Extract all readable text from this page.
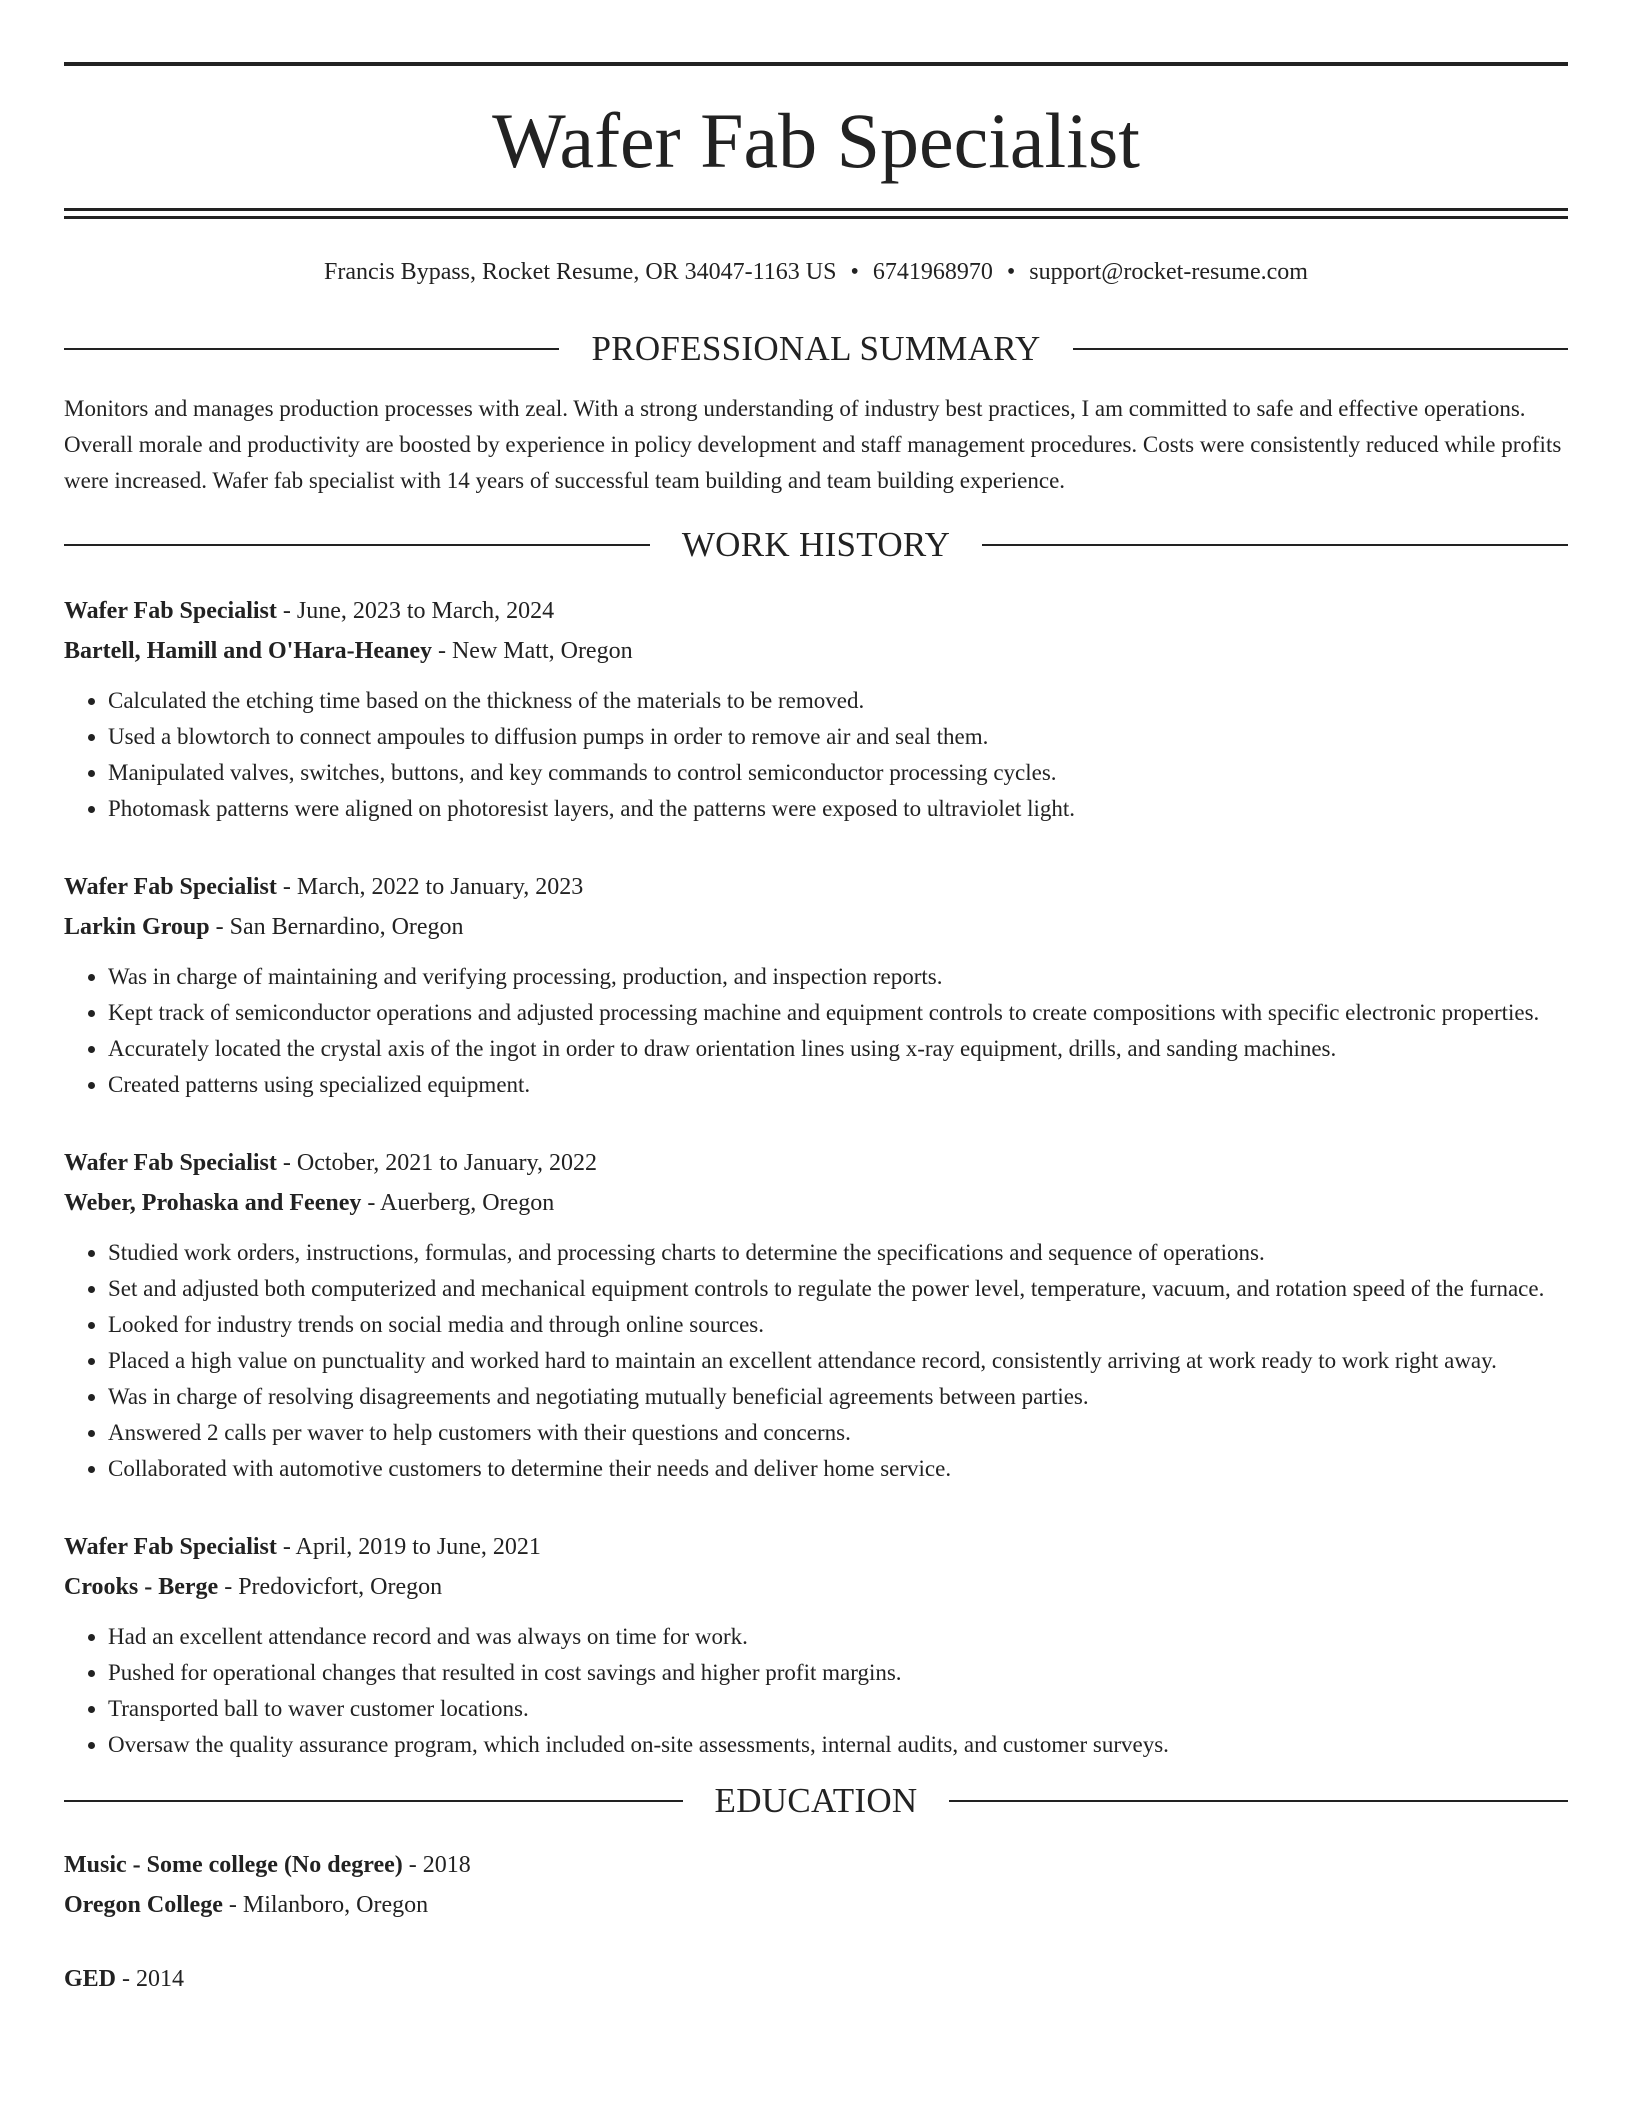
Wafer Fab Specialist
Francis Bypass, Rocket Resume, OR 34047-1163 US • 6741968970 • support@rocket-resume.com
PROFESSIONAL SUMMARY
Monitors and manages production processes with zeal. With a strong understanding of industry best practices, I am committed to safe and effective operations. Overall morale and productivity are boosted by experience in policy development and staff management procedures. Costs were consistently reduced while profits were increased. Wafer fab specialist with 14 years of successful team building and team building experience.
WORK HISTORY
Wafer Fab Specialist - June, 2023 to March, 2024
Bartell, Hamill and O'Hara-Heaney - New Matt, Oregon
• Calculated the etching time based on the thickness of the materials to be removed.
• Used a blowtorch to connect ampoules to diffusion pumps in order to remove air and seal them.
• Manipulated valves, switches, buttons, and key commands to control semiconductor processing cycles.
• Photomask patterns were aligned on photoresist layers, and the patterns were exposed to ultraviolet light.
Wafer Fab Specialist - March, 2022 to January, 2023
Larkin Group - San Bernardino, Oregon
• Was in charge of maintaining and verifying processing, production, and inspection reports.
• Kept track of semiconductor operations and adjusted processing machine and equipment controls to create compositions with specific electronic properties.
• Accurately located the crystal axis of the ingot in order to draw orientation lines using x-ray equipment, drills, and sanding machines.
• Created patterns using specialized equipment.
Wafer Fab Specialist - October, 2021 to January, 2022
Weber, Prohaska and Feeney - Auerberg, Oregon
• Studied work orders, instructions, formulas, and processing charts to determine the specifications and sequence of operations.
• Set and adjusted both computerized and mechanical equipment controls to regulate the power level, temperature, vacuum, and rotation speed of the furnace.
• Looked for industry trends on social media and through online sources.
• Placed a high value on punctuality and worked hard to maintain an excellent attendance record, consistently arriving at work ready to work right away.
• Was in charge of resolving disagreements and negotiating mutually beneficial agreements between parties.
• Answered 2 calls per waver to help customers with their questions and concerns.
• Collaborated with automotive customers to determine their needs and deliver home service.
Wafer Fab Specialist - April, 2019 to June, 2021
Crooks - Berge - Predovicfort, Oregon
• Had an excellent attendance record and was always on time for work.
• Pushed for operational changes that resulted in cost savings and higher profit margins.
• Transported ball to waver customer locations.
• Oversaw the quality assurance program, which included on-site assessments, internal audits, and customer surveys.
EDUCATION
Music - Some college (No degree) - 2018
Oregon College - Milanboro, Oregon
GED - 2014
